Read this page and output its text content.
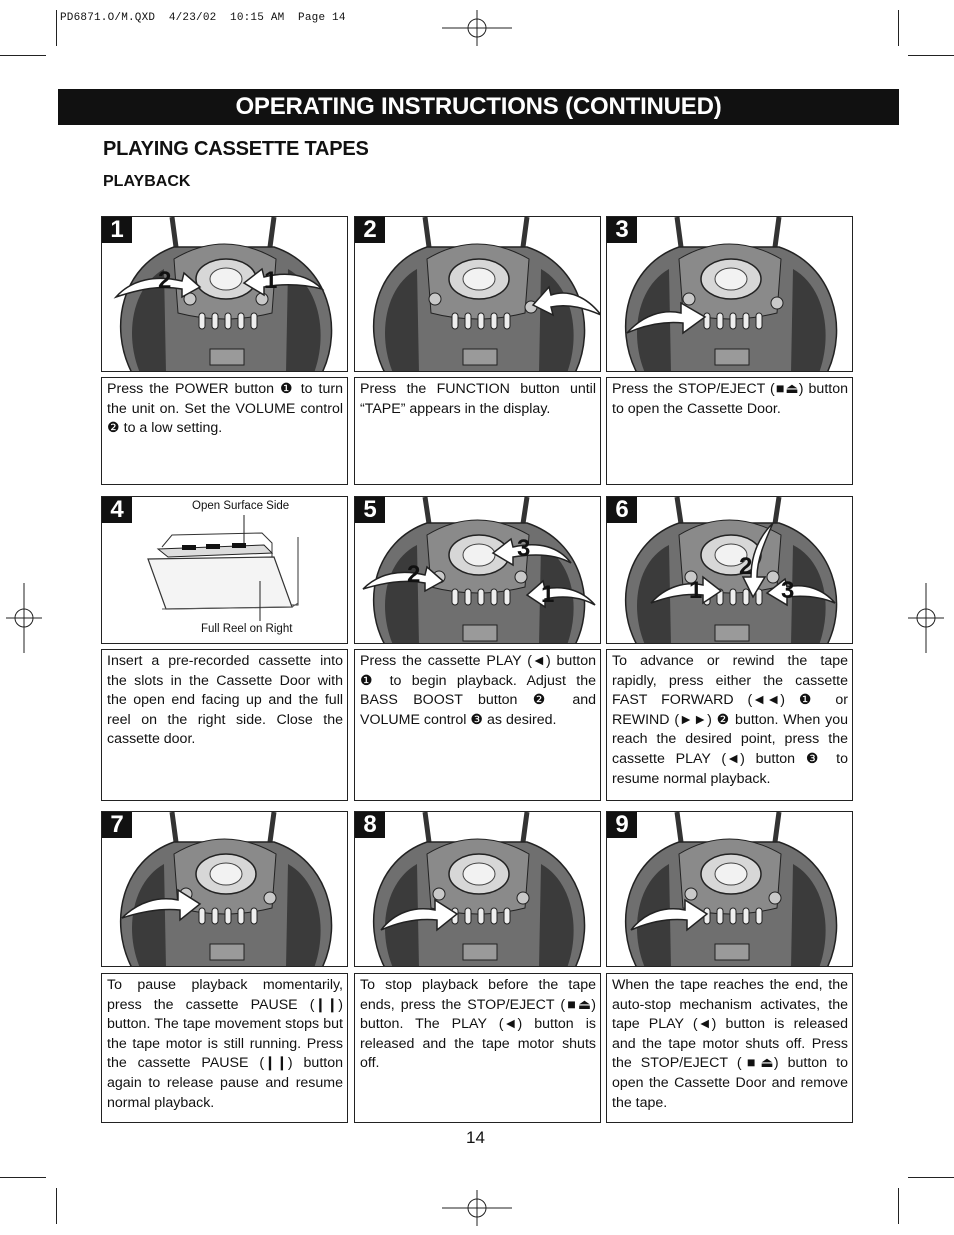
PD6871.O/M.QXD  4/23/02  10:15 AM  Page 14
OPERATING INSTRUCTIONS (CONTINUED)
PLAYING CASSETTE TAPES
PLAYBACK
1
2	1
2	3
Press the POWER button ❶ to turn the unit on. Set the VOLUME control ❷ to a low setting.
Press the FUNCTION button until “TAPE” appears in the display.
Press the STOP/EJECT (■⏏) button to open the Cassette Door.
4	Open Surface Side
Full Reel on Right
5
3
2
1
6
2
1	3
Insert a pre-recorded cassette into the slots in the Cassette Door with the open end facing up and the full reel on the right side. Close the cassette door.
Press the cassette PLAY (◄) button ❶ to begin playback. Adjust the BASS BOOST button ❷ and VOLUME control ❸ as desired.
To advance or rewind the tape rapidly, press either the cassette FAST FORWARD (◄◄) ❶ or REWIND (►►) ❷ button. When you reach the desired point, press the cassette PLAY (◄) button ❸ to resume normal playback.
7	8	9
To pause playback momentarily, press the cassette PAUSE (❙❙) button. The tape movement stops but the tape motor is still running. Press the cassette PAUSE (❙❙) button again to release pause and resume normal playback.
To stop playback before the tape ends, press the STOP/EJECT (■⏏) button. The PLAY (◄) button is released and the tape motor shuts off.
When the tape reaches the end, the auto-stop mechanism activates, the tape PLAY (◄) button is released and the tape motor shuts off. Press the STOP/EJECT (■⏏) button to open the Cassette Door and remove the tape.
14
